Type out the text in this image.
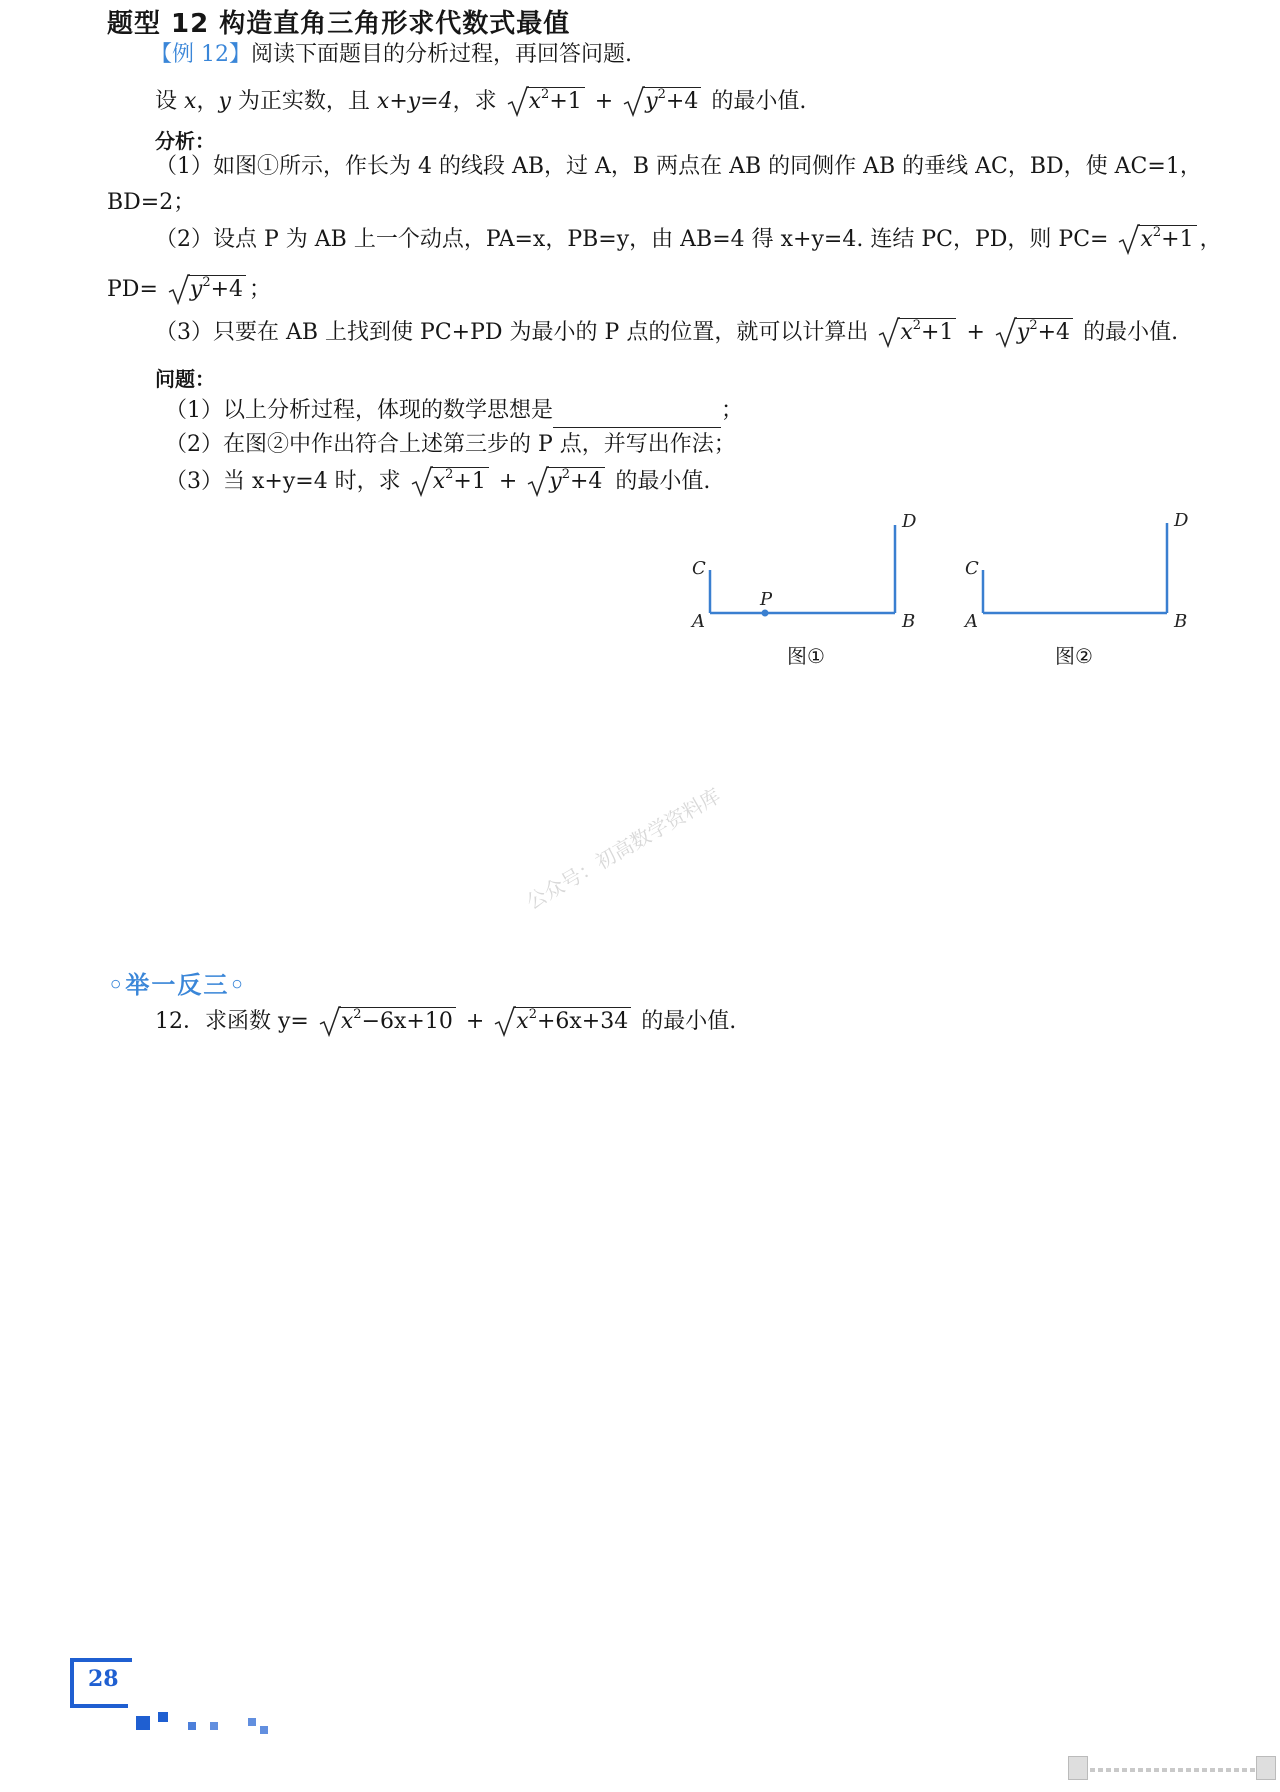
题型 12 构造直角三角形求代数式最值
【例 12】阅读下面题目的分析过程，再回答问题.
设 x，y 为正实数，且 x+y=4，求 $x^2+1 + y^2+4$ 的最小值.
分析：
（1）如图①所示，作长为 4 的线段 AB，过 A，B 两点在 AB 的同侧作 AB 的垂线 AC，BD，使 AC=1，
BD=2；
（2）设点 P 为 AB 上一个动点，PA=x，PB=y，由 AB=4 得 x+y=4. 连结 PC，PD，则 $PC= x^2+1$ ，
$PD= y^2+4$ ；
（3）只要在 AB 上找到使 PC+PD 为最小的 P 点的位置，就可以计算出 $x^2+1 + y^2+4$ 的最小值.
问题：
（1）以上分析过程，体现的数学思想是	；
（2）在图②中作出符合上述第三步的 P 点，并写出作法；
（3）当 x+y=4 时，求 $x^2+1 + y^2+4$ 的最小值.
C
A
P
B
D
图①
C
A	B
D
图②
公众号：初高数学资料库
◦举一反三◦
12．求函数 $y= x^2-6x+10 + x^2+6x+34$ 的最小值.
28
